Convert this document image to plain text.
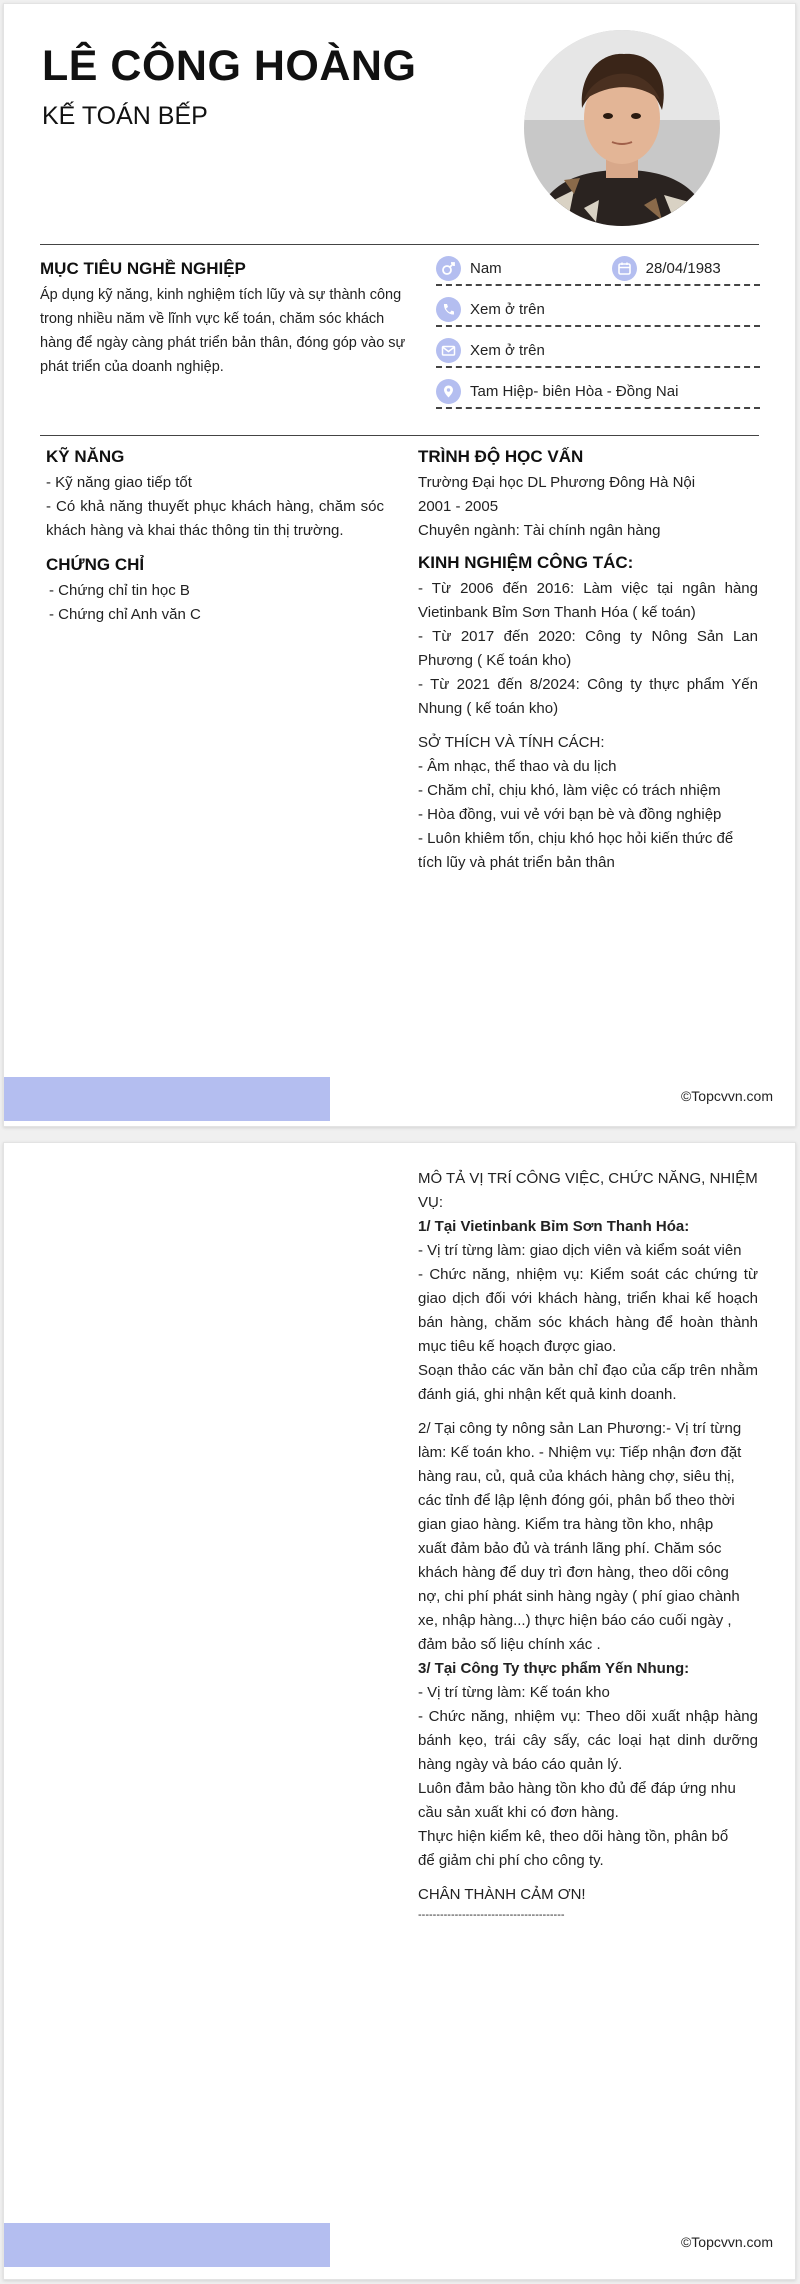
LÊ CÔNG HOÀNG
KẾ TOÁN BẾP
MỤC TIÊU NGHỀ NGHIỆP
Áp dụng kỹ năng, kinh nghiệm tích lũy và sự thành công trong nhiều năm về lĩnh vực kế toán, chăm sóc khách hàng để ngày càng phát triển bản thân, đóng góp vào sự phát triển của doanh nghiệp.
Nam	28/04/1983
Xem ở trên
Xem ở trên
Tam Hiệp- biên Hòa - Đồng Nai
KỸ NĂNG
- Kỹ năng giao tiếp tốt
- Có khả năng thuyết phục khách hàng, chăm sóc khách hàng và khai thác thông tin thị trường.
CHỨNG CHỈ
- Chứng chỉ tin học B
- Chứng chỉ Anh văn C
TRÌNH ĐỘ HỌC VẤN
Trường Đại học DL Phương Đông Hà Nội
2001 - 2005
Chuyên ngành: Tài chính ngân hàng
KINH NGHIỆM CÔNG TÁC:
- Từ 2006 đến 2016: Làm việc tại ngân hàng Vietinbank Bỉm Sơn Thanh Hóa ( kế toán)
- Từ 2017 đến 2020: Công ty Nông Sản Lan Phương ( Kế toán kho)
- Từ 2021 đến 8/2024: Công ty thực phẩm Yến Nhung ( kế toán kho)
SỞ THÍCH VÀ TÍNH CÁCH:
- Âm nhạc, thể thao và du lịch
- Chăm chỉ, chịu khó, làm việc có trách nhiệm
- Hòa đồng, vui vẻ với bạn bè và đồng nghiệp
- Luôn khiêm tốn, chịu khó học hỏi kiến thức để tích lũy và phát triển bản thân
©Topcvvn.com
MÔ TẢ VỊ TRÍ CÔNG VIỆC, CHỨC NĂNG, NHIỆM VỤ:
1/ Tại Vietinbank Bỉm Sơn Thanh Hóa:
- Vị trí từng làm: giao dịch viên và kiểm soát viên
- Chức năng, nhiệm vụ: Kiểm soát các chứng từ giao dịch đối với khách hàng, triển khai kế hoạch bán hàng, chăm sóc khách hàng để hoàn thành mục tiêu kế hoạch được giao.
Soạn thảo các văn bản chỉ đạo của cấp trên nhằm đánh giá, ghi nhận kết quả kinh doanh.
2/ Tại công ty nông sản Lan Phương:- Vị trí từng
làm: Kế toán kho. - Nhiệm vụ: Tiếp nhận đơn đặt
hàng rau, củ, quả của khách hàng chợ, siêu thị,
các tỉnh để lập lệnh đóng gói, phân bổ theo thời
gian giao hàng. Kiểm tra hàng tồn kho, nhập
xuất đảm bảo đủ và tránh lãng phí. Chăm sóc
khách hàng để duy trì đơn hàng, theo dõi công
nợ, chi phí phát sinh hàng ngày ( phí giao chành
xe, nhập hàng...) thực hiện báo cáo cuối ngày ,
đảm bảo số liệu chính xác .
3/ Tại Công Ty thực phẩm Yến Nhung:
- Vị trí từng làm: Kế toán kho
- Chức năng, nhiệm vụ: Theo dõi xuất nhập hàng bánh kẹo, trái cây sấy, các loại hạt dinh dưỡng hàng ngày và báo cáo quản lý.
Luôn đảm bảo hàng tồn kho đủ để đáp ứng nhu
cầu sản xuất khi có đơn hàng.
Thực hiện kiểm kê, theo dõi hàng tồn, phân bổ
để giảm chi phí cho công ty.
CHÂN THÀNH CẢM ƠN!
----------------------------------------
©Topcvvn.com
